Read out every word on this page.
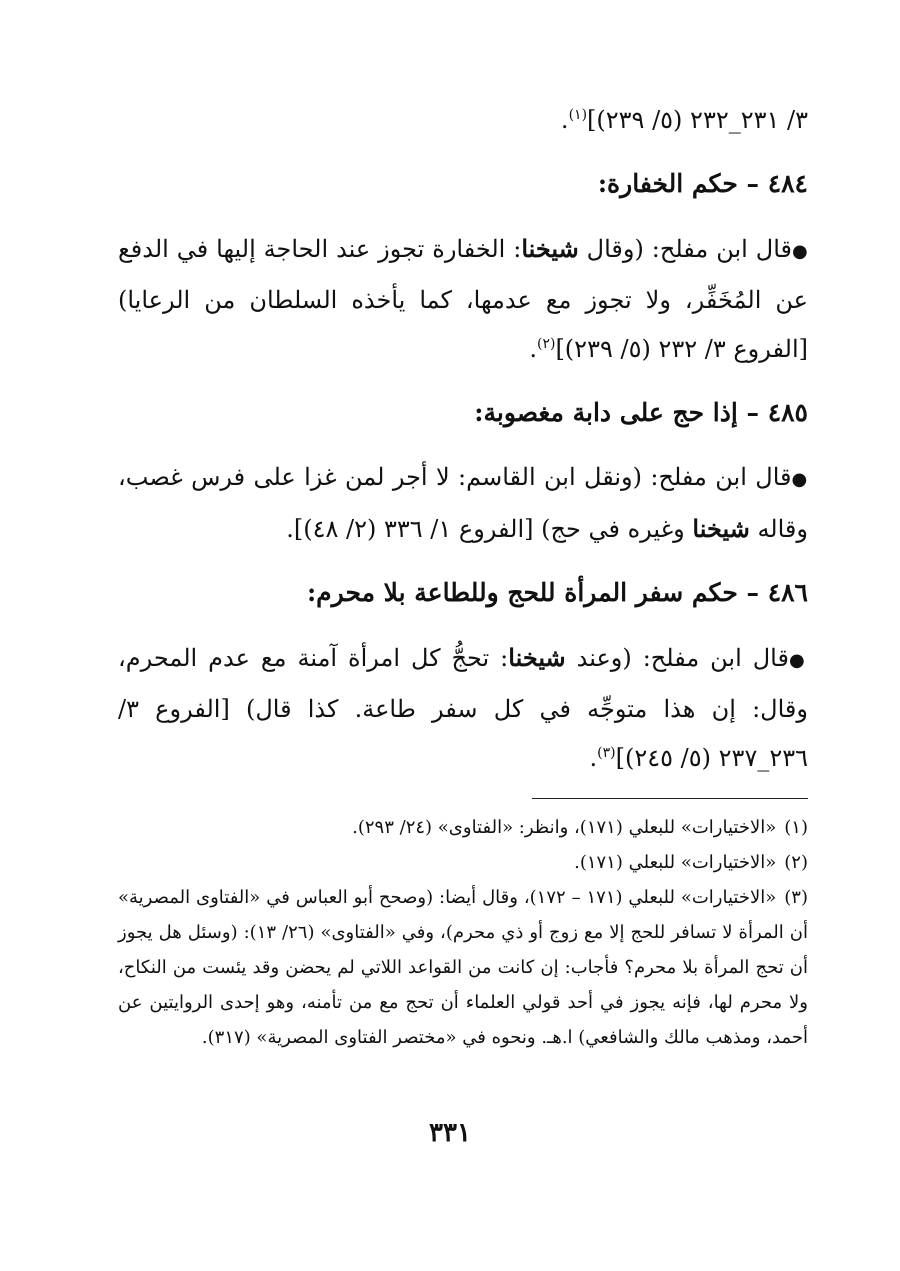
٣/ ٢٣١_٢٣٢ (٥/ ٢٣٩)]$^{(١)}$.

٤٨٤ – حكم الخفارة:

●قال ابن مفلح: (وقال شيخنا: الخفارة تجوز عند الحاجة إليها في الدفع عن المُخَفِّر، ولا تجوز مع عدمها، كما يأخذه السلطان من الرعايا) [الفروع ٣/ ٢٣٢ (٥/ ٢٣٩)]$^{(٢)}$.

٤٨٥ – إذا حج على دابة مغصوبة:

●قال ابن مفلح: (ونقل ابن القاسم: لا أجر لمن غزا على فرس غصب، وقاله شيخنا وغيره في حج) [الفروع ١/ ٣٣٦ (٢/ ٤٨)].

٤٨٦ – حكم سفر المرأة للحج وللطاعة بلا محرم:

●قال ابن مفلح: (وعند شيخنا: تحجُّ كل امرأة آمنة مع عدم المحرم، وقال: إن هذا متوجِّه في كل سفر طاعة. كذا قال) [الفروع ٣/ ٢٣٦_٢٣٧ (٥/ ٢٤٥)]$^{(٣)}$.

(١)«الاختيارات» للبعلي (١٧١)، وانظر: «الفتاوى» (٢٤/ ٢٩٣).

(٢)«الاختيارات» للبعلي (١٧١).

(٣)«الاختيارات» للبعلي (١٧١ – ١٧٢)، وقال أيضا: (وصحح أبو العباس في «الفتاوى المصرية» أن المرأة لا تسافر للحج إلا مع زوج أو ذي محرم)، وفي «الفتاوى» (٢٦/ ١٣): (وسئل هل يجوز أن تحج المرأة بلا محرم؟ فأجاب: إن كانت من القواعد اللاتي لم يحضن وقد يئست من النكاح، ولا محرم لها، فإنه يجوز في أحد قولي العلماء أن تحج مع من تأمنه، وهو إحدى الروايتين عن أحمد، ومذهب مالك والشافعي) ا.هـ. ونحوه في «مختصر الفتاوى المصرية» (٣١٧).

٣٣١
